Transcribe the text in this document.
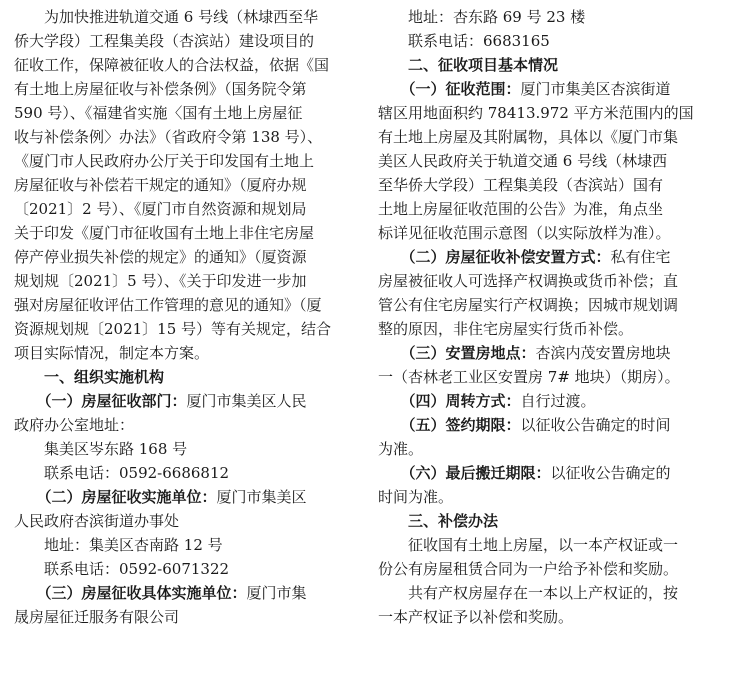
　　为加快推进轨道交通 6 号线（林埭西至华
侨大学段）工程集美段（杏滨站）建设项目的
征收工作，保障被征收人的合法权益，依据《国
有土地上房屋征收与补偿条例》（国务院令第
590 号）、《福建省实施〈国有土地上房屋征
收与补偿条例〉办法》（省政府令第 138 号）、
《厦门市人民政府办公厅关于印发国有土地上
房屋征收与补偿若干规定的通知》（厦府办规
〔2021〕2 号）、《厦门市自然资源和规划局
关于印发《厦门市征收国有土地上非住宅房屋
停产停业损失补偿的规定》的通知》（厦资源
规划规〔2021〕5 号）、《关于印发进一步加
强对房屋征收评估工作管理的意见的通知》（厦
资源规划规〔2021〕15 号）等有关规定，结合
项目实际情况，制定本方案。
　　一、组织实施机构
　　（一）房屋征收部门：厦门市集美区人民
政府办公室地址：
　　集美区岑东路 168 号
　　联系电话：0592-6686812
　　（二）房屋征收实施单位：厦门市集美区
人民政府杏滨街道办事处
　　地址：集美区杏南路 12 号
　　联系电话：0592-6071322
　　（三）房屋征收具体实施单位：厦门市集
晟房屋征迁服务有限公司
　　地址：杏东路 69 号 23 楼
　　联系电话：6683165
　　二、征收项目基本情况
　　（一）征收范围：厦门市集美区杏滨街道
辖区用地面积约 78413.972 平方米范围内的国
有土地上房屋及其附属物，具体以《厦门市集
美区人民政府关于轨道交通 6 号线（林埭西
至华侨大学段）工程集美段（杏滨站）国有
土地上房屋征收范围的公告》为准，角点坐
标详见征收范围示意图（以实际放样为准）。
　　（二）房屋征收补偿安置方式：私有住宅
房屋被征收人可选择产权调换或货币补偿；直
管公有住宅房屋实行产权调换；因城市规划调
整的原因，非住宅房屋实行货币补偿。
　　（三）安置房地点：杏滨内茂安置房地块
一（杏林老工业区安置房 7# 地块）（期房）。
　　（四）周转方式：自行过渡。
　　（五）签约期限：以征收公告确定的时间
为准。
　　（六）最后搬迁期限：以征收公告确定的
时间为准。
　　三、补偿办法
　　征收国有土地上房屋，以一本产权证或一
份公有房屋租赁合同为一户给予补偿和奖励。
　　共有产权房屋存在一本以上产权证的，按
一本产权证予以补偿和奖励。
